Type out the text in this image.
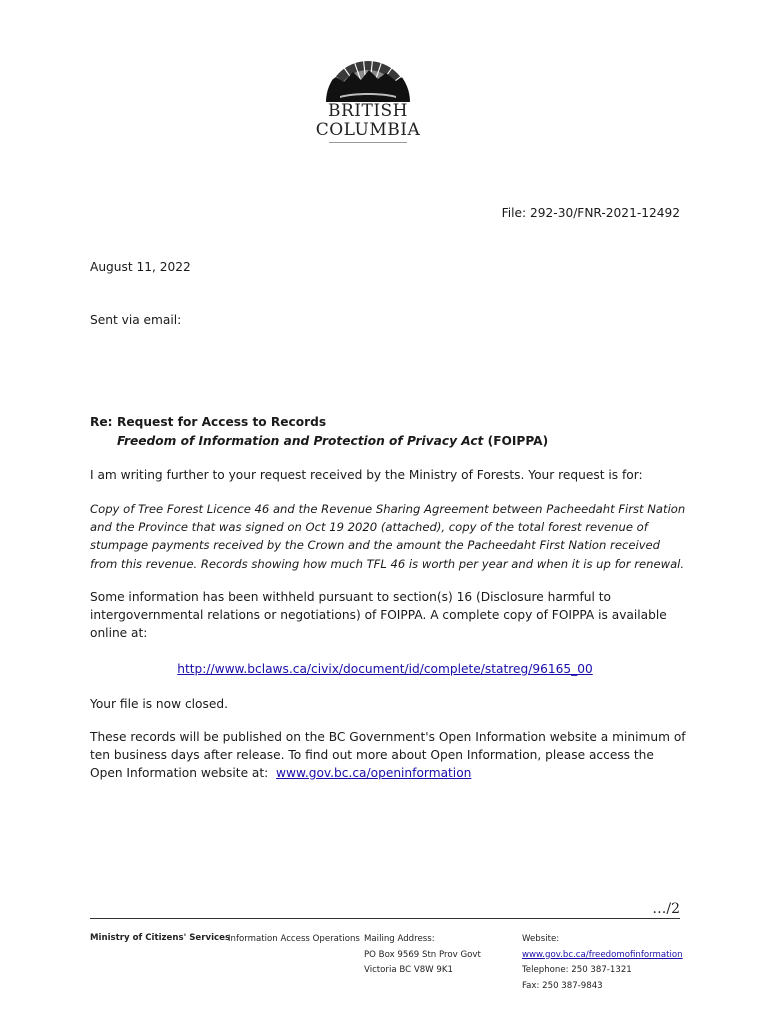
BRITISH
COLUMBIA
File: 292-30/FNR-2021-12492
August 11, 2022
Sent via email:
Re: Request for Access to Records
Freedom of Information and Protection of Privacy Act (FOIPPA)
I am writing further to your request received by the Ministry of Forests. Your request is for:
Copy of Tree Forest Licence 46 and the Revenue Sharing Agreement between Pacheedaht First Nation and the Province that was signed on Oct 19 2020 (attached), copy of the total forest revenue of stumpage payments received by the Crown and the amount the Pacheedaht First Nation received from this revenue. Records showing how much TFL 46 is worth per year and when it is up for renewal.
Some information has been withheld pursuant to section(s) 16 (Disclosure harmful to intergovernmental relations or negotiations) of FOIPPA. A complete copy of FOIPPA is available online at:
http://www.bclaws.ca/civix/document/id/complete/statreg/96165_00
Your file is now closed.
These records will be published on the BC Government's Open Information website a minimum of ten business days after release. To find out more about Open Information, please access the Open Information website at: www.gov.bc.ca/openinformation
…/2
Ministry of Citizens' Services
Information Access Operations Mailing Address:
PO Box 9569 Stn Prov Govt
Victoria BC V8W 9K1
Website:
www.gov.bc.ca/freedomofinformation
Telephone: 250 387-1321
Fax: 250 387-9843
